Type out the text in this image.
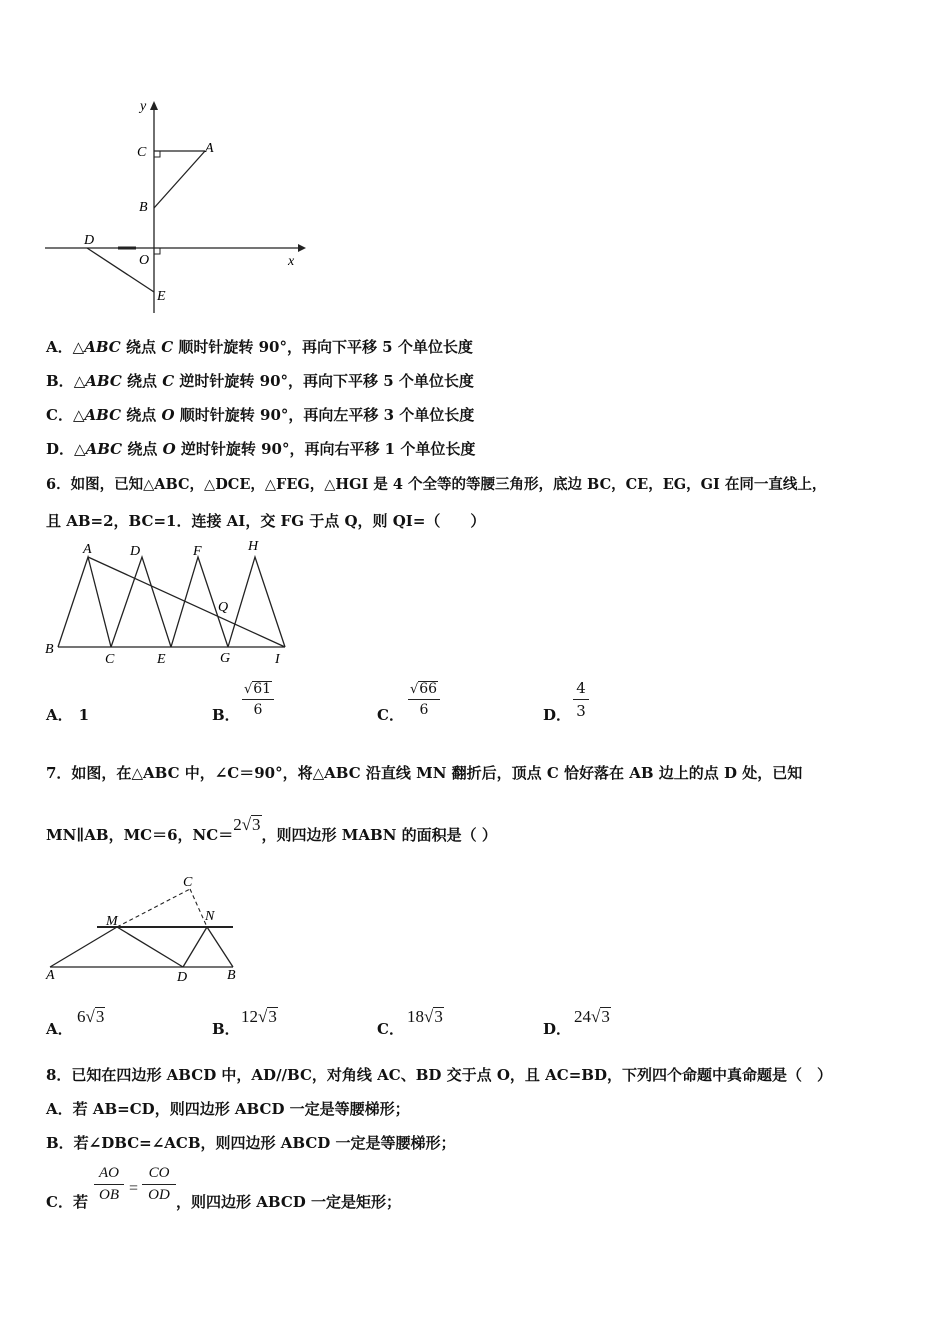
y
x
C	A
B
D
O
E
A．△ABC 绕点 C 顺时针旋转 90°，再向下平移 5 个单位长度
B．△ABC 绕点 C 逆时针旋转 90°，再向下平移 5 个单位长度
C．△ABC 绕点 O 顺时针旋转 90°，再向左平移 3 个单位长度
D．△ABC 绕点 O 逆时针旋转 90°，再向右平移 1 个单位长度
6．如图，已知△ABC，△DCE，△FEG，△HGI 是 4 个全等的等腰三角形，底边 BC，CE，EG，GI 在同一直线上，
且 AB=2，BC=1．连接 AI，交 FG 于点 Q，则 QI=（　　）
A	D	F	H
Q
B
C	E	G	I
A． 1	B．
√61
6	C．
√66
6	D．
4
3
7．如图，在△ABC 中，∠C＝90°，将△ABC 沿直线 MN 翻折后，顶点 C 恰好落在 AB 边上的点 D 处，已知
MN∥AB，MC＝6，NC＝2√3，则四边形 MABN 的面积是（ ）
C
M	N
A	D	B
A．
6√3
B．
12√3
C．
18√3
D．
24√3
8．已知在四边形 ABCD 中，AD//BC，对角线 AC、BD 交于点 O，且 AC=BD，下列四个命题中真命题是（　）
A．若 AB=CD，则四边形 ABCD 一定是等腰梯形；
B．若∠DBC=∠ACB，则四边形 ABCD 一定是等腰梯形；
C．若
AO
OB =
CO
OD ，则四边形 ABCD 一定是矩形；
